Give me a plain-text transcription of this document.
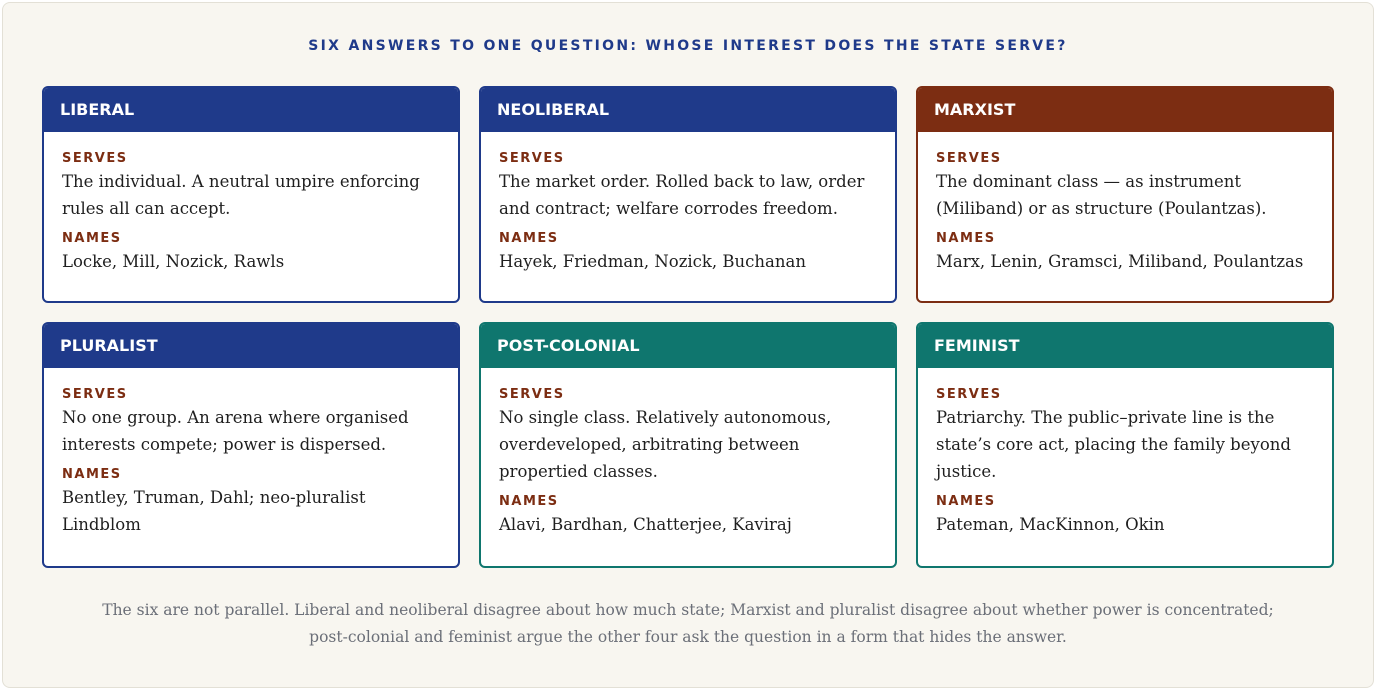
SIX ANSWERS TO ONE QUESTION: WHOSE INTEREST DOES THE STATE SERVE?
LIBERAL
SERVES
The individual. A neutral umpire enforcing rules all can accept.
NAMES
Locke, Mill, Nozick, Rawls
NEOLIBERAL
SERVES
The market order. Rolled back to law, order and contract; welfare corrodes freedom.
NAMES
Hayek, Friedman, Nozick, Buchanan
MARXIST
SERVES
The dominant class — as instrument (Miliband) or as structure (Poulantzas).
NAMES
Marx, Lenin, Gramsci, Miliband, Poulantzas
PLURALIST
SERVES
No one group. An arena where organised interests compete; power is dispersed.
NAMES
Bentley, Truman, Dahl; neo-pluralist Lindblom
POST-COLONIAL
SERVES
No single class. Relatively autonomous, overdeveloped, arbitrating between propertied classes.
NAMES
Alavi, Bardhan, Chatterjee, Kaviraj
FEMINIST
SERVES
Patriarchy. The public–private line is the state’s core act, placing the family beyond justice.
NAMES
Pateman, MacKinnon, Okin
The six are not parallel. Liberal and neoliberal disagree about how much state; Marxist and pluralist disagree about whether power is concentrated; post-colonial and feminist argue the other four ask the question in a form that hides the answer.
